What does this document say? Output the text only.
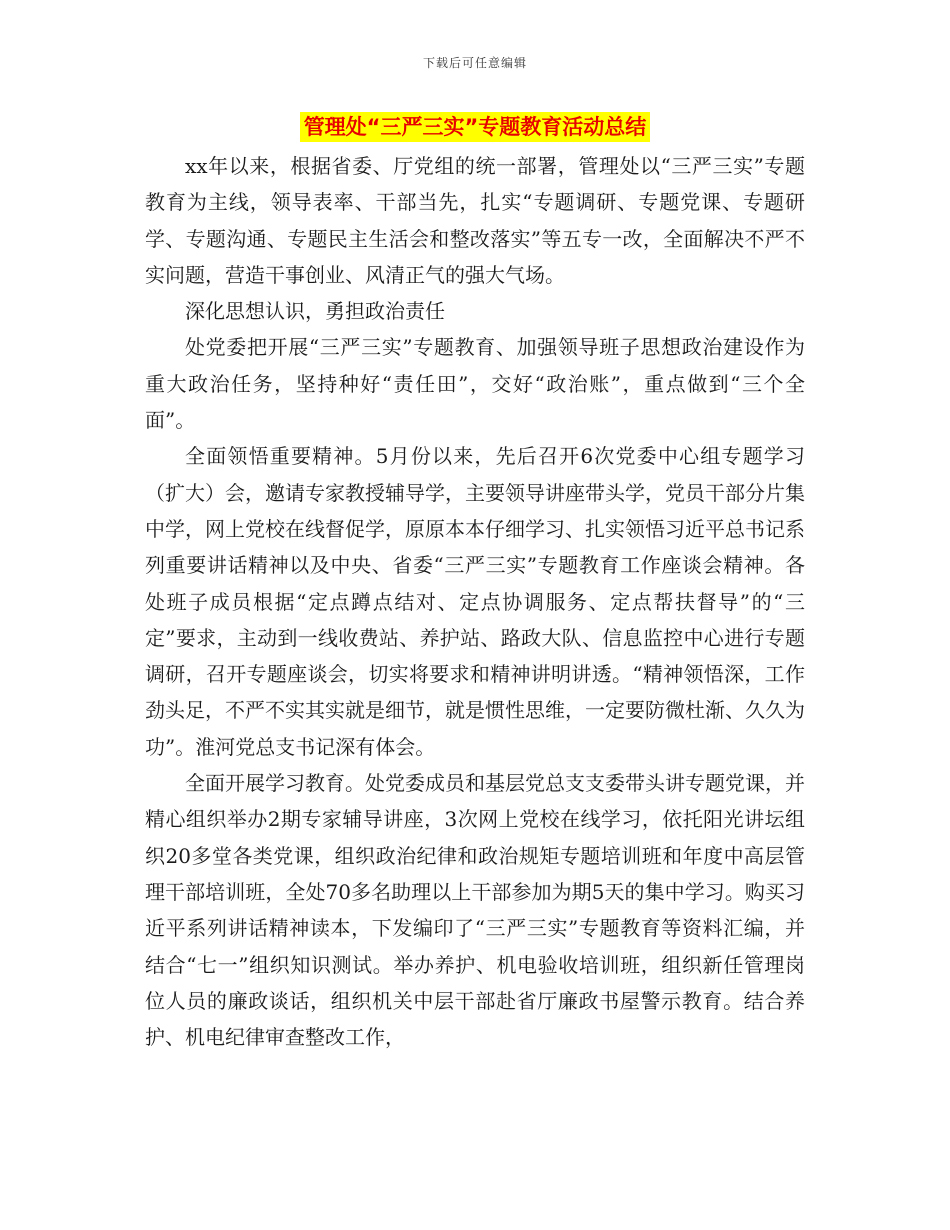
下载后可任意编辑
管理处“三严三实”专题教育活动总结

xx年以来，根据省委、厅党组的统一部署，管理处以“三严三实”专题教育为主线，领导表率、干部当先，扎实“专题调研、专题党课、专题研学、专题沟通、专题民主生活会和整改落实”等五专一改，全面解决不严不实问题，营造干事创业、风清正气的强大气场。

深化思想认识，勇担政治责任

处党委把开展“三严三实”专题教育、加强领导班子思想政治建设作为重大政治任务，坚持种好“责任田”，交好“政治账”，重点做到“三个全面”。

全面领悟重要精神。5月份以来，先后召开6次党委中心组专题学习（扩大）会，邀请专家教授辅导学，主要领导讲座带头学，党员干部分片集中学，网上党校在线督促学，原原本本仔细学习、扎实领悟习近平总书记系列重要讲话精神以及中央、省委“三严三实”专题教育工作座谈会精神。各处班子成员根据“定点蹲点结对、定点协调服务、定点帮扶督导”的“三定”要求，主动到一线收费站、养护站、路政大队、信息监控中心进行专题调研，召开专题座谈会，切实将要求和精神讲明讲透。“精神领悟深，工作劲头足，不严不实其实就是细节，就是惯性思维，一定要防微杜渐、久久为功”。淮河党总支书记深有体会。

全面开展学习教育。处党委成员和基层党总支支委带头讲专题党课，并精心组织举办2期专家辅导讲座，3次网上党校在线学习，依托阳光讲坛组织20多堂各类党课，组织政治纪律和政治规矩专题培训班和年度中高层管理干部培训班，全处70多名助理以上干部参加为期5天的集中学习。购买习近平系列讲话精神读本，下发编印了“三严三实”专题教育等资料汇编，并结合“七一”组织知识测试。举办养护、机电验收培训班，组织新任管理岗位人员的廉政谈话，组织机关中层干部赴省厅廉政书屋警示教育。结合养护、机电纪律审查整改工作，
